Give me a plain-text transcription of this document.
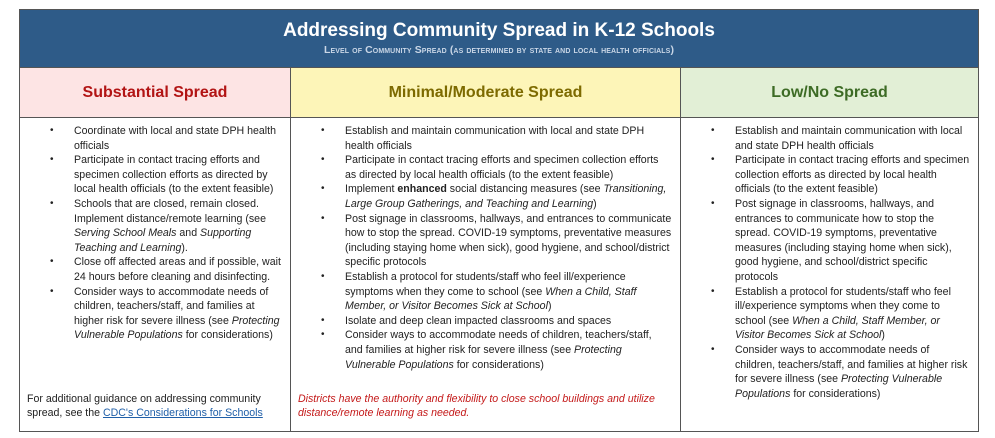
Addressing Community Spread in K-12 Schools
Level of Community Spread (as determined by state and local health officials)
Substantial Spread
• Coordinate with local and state DPH health officials
• Participate in contact tracing efforts and specimen collection efforts as directed by local health officials (to the extent feasible)
• Schools that are closed, remain closed. Implement distance/remote learning (see Serving School Meals and Supporting Teaching and Learning).
• Close off affected areas and if possible, wait 24 hours before cleaning and disinfecting.
• Consider ways to accommodate needs of children, teachers/staff, and families at higher risk for severe illness (see Protecting Vulnerable Populations for considerations)
For additional guidance on addressing community spread, see the CDC's Considerations for Schools
Minimal/Moderate Spread
• Establish and maintain communication with local and state DPH health officials
• Participate in contact tracing efforts and specimen collection efforts as directed by local health officials (to the extent feasible)
• Implement enhanced social distancing measures (see Transitioning, Large Group Gatherings, and Teaching and Learning)
• Post signage in classrooms, hallways, and entrances to communicate how to stop the spread. COVID-19 symptoms, preventative measures (including staying home when sick), good hygiene, and school/district specific protocols
• Establish a protocol for students/staff who feel ill/experience symptoms when they come to school (see When a Child, Staff Member, or Visitor Becomes Sick at School)
• Isolate and deep clean impacted classrooms and spaces
• Consider ways to accommodate needs of children, teachers/staff, and families at higher risk for severe illness (see Protecting Vulnerable Populations for considerations)
Districts have the authority and flexibility to close school buildings and utilize distance/remote learning as needed.
Low/No Spread
• Establish and maintain communication with local and state DPH health officials
• Participate in contact tracing efforts and specimen collection efforts as directed by local health officials (to the extent feasible)
• Post signage in classrooms, hallways, and entrances to communicate how to stop the spread. COVID-19 symptoms, preventative measures (including staying home when sick), good hygiene, and school/district specific protocols
• Establish a protocol for students/staff who feel ill/experience symptoms when they come to school (see When a Child, Staff Member, or Visitor Becomes Sick at School)
• Consider ways to accommodate needs of children, teachers/staff, and families at higher risk for severe illness (see Protecting Vulnerable Populations for considerations)
